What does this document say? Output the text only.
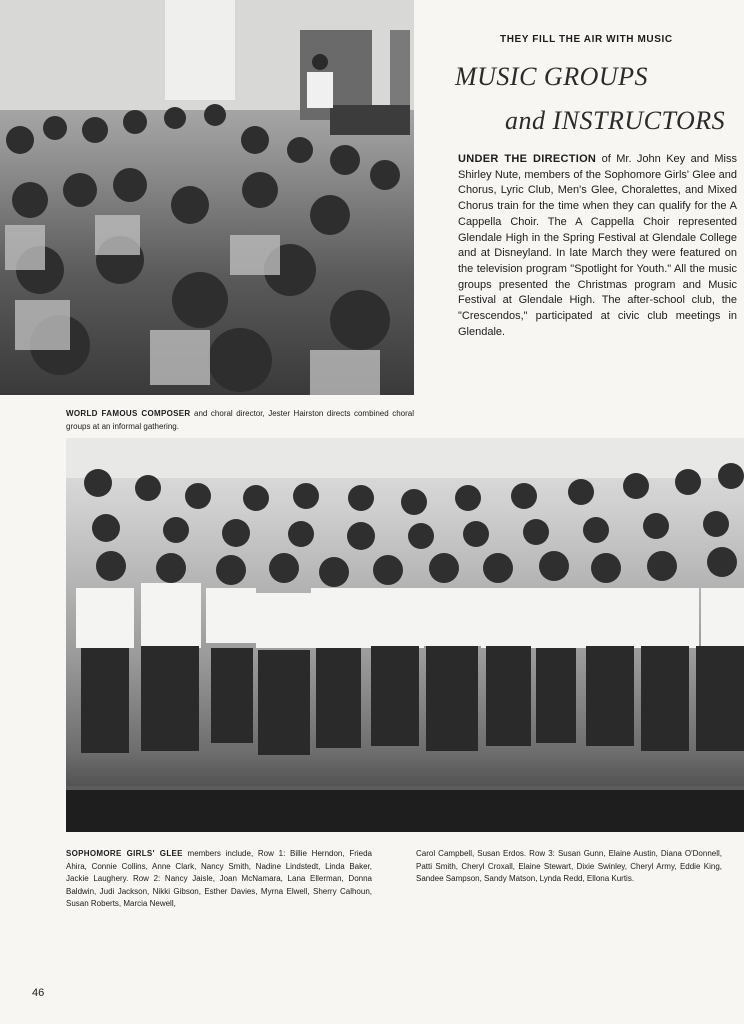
THEY FILL THE AIR WITH MUSIC
MUSIC GROUPS
and INSTRUCTORS

UNDER THE DIRECTION of Mr. John Key and Miss Shirley Nute, members of the Sophomore Girls' Glee and Chorus, Lyric Club, Men's Glee, Choralettes, and Mixed Chorus train for the time when they can qualify for the A Cappella Choir. The A Cappella Choir represented Glendale High in the Spring Festival at Glendale College and at Disneyland. In late March they were featured on the television program "Spotlight for Youth." All the music groups presented the Christmas program and Music Festival at Glendale High. The after-school club, the "Crescendos," participated at civic club meetings in Glendale.

WORLD FAMOUS COMPOSER and choral director, Jester Hairston directs combined choral groups at an informal gathering.

SOPHOMORE GIRLS' GLEE members include, Row 1: Billie Herndon, Frieda Ahira, Connie Collins, Anne Clark, Nancy Smith, Nadine Lindstedt, Linda Baker, Jackie Laughery. Row 2: Nancy Jaisle, Joan McNamara, Lana Ellerman, Donna Baldwin, Judi Jackson, Nikki Gibson, Esther Davies, Myrna Elwell, Sherry Calhoun, Susan Roberts, Marcia Newell,

Carol Campbell, Susan Erdos. Row 3: Susan Gunn, Elaine Austin, Diana O'Donnell, Patti Smith, Cheryl Croxall, Elaine Stewart, Dixie Swinley, Cheryl Army, Eddie King, Sandee Sampson, Sandy Matson, Lynda Redd, Ellona Kurtis.

46
